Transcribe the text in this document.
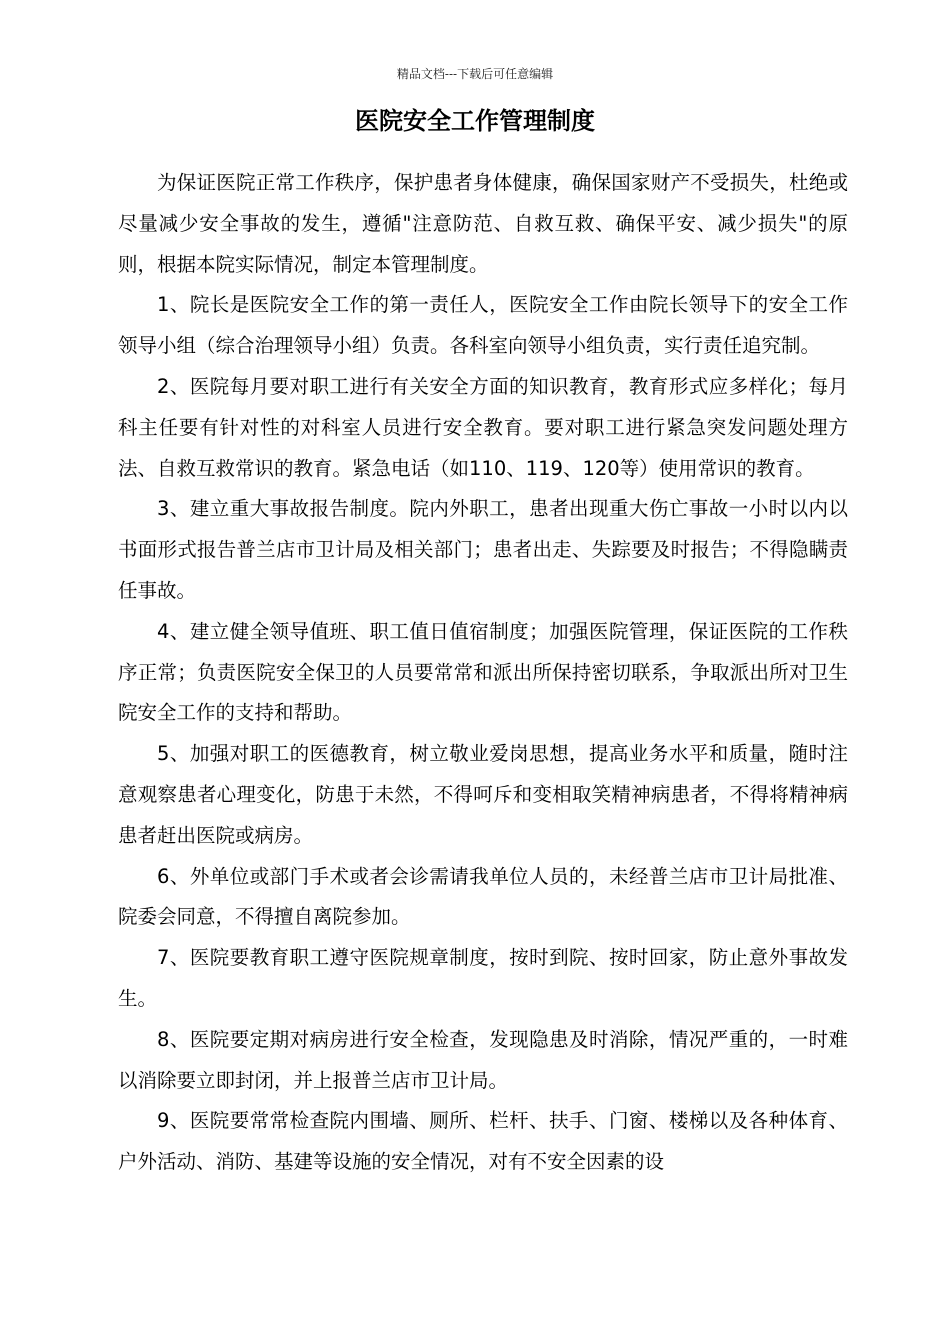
精品文档---下载后可任意编辑
医院安全工作管理制度

为保证医院正常工作秩序，保护患者身体健康，确保国家财产不受损失，杜绝或尽量减少安全事故的发生，遵循"注意防范、自救互救、确保平安、减少损失"的原则，根据本院实际情况，制定本管理制度。

1、院长是医院安全工作的第一责任人，医院安全工作由院长领导下的安全工作领导小组（综合治理领导小组）负责。各科室向领导小组负责，实行责任追究制。

2、医院每月要对职工进行有关安全方面的知识教育，教育形式应多样化；每月科主任要有针对性的对科室人员进行安全教育。要对职工进行紧急突发问题处理方法、自救互救常识的教育。紧急电话（如110、119、120等）使用常识的教育。

3、建立重大事故报告制度。院内外职工，患者出现重大伤亡事故一小时以内以书面形式报告普兰店市卫计局及相关部门；患者出走、失踪要及时报告；不得隐瞒责任事故。

4、建立健全领导值班、职工值日值宿制度；加强医院管理，保证医院的工作秩序正常；负责医院安全保卫的人员要常常和派出所保持密切联系，争取派出所对卫生院安全工作的支持和帮助。

5、加强对职工的医德教育，树立敬业爱岗思想，提高业务水平和质量，随时注意观察患者心理变化，防患于未然，不得呵斥和变相取笑精神病患者，不得将精神病患者赶出医院或病房。

6、外单位或部门手术或者会诊需请我单位人员的，未经普兰店市卫计局批准、院委会同意，不得擅自离院参加。

7、医院要教育职工遵守医院规章制度，按时到院、按时回家，防止意外事故发生。

8、医院要定期对病房进行安全检查，发现隐患及时消除，情况严重的，一时难以消除要立即封闭，并上报普兰店市卫计局。

9、医院要常常检查院内围墙、厕所、栏杆、扶手、门窗、楼梯以及各种体育、户外活动、消防、基建等设施的安全情况，对有不安全因素的设
